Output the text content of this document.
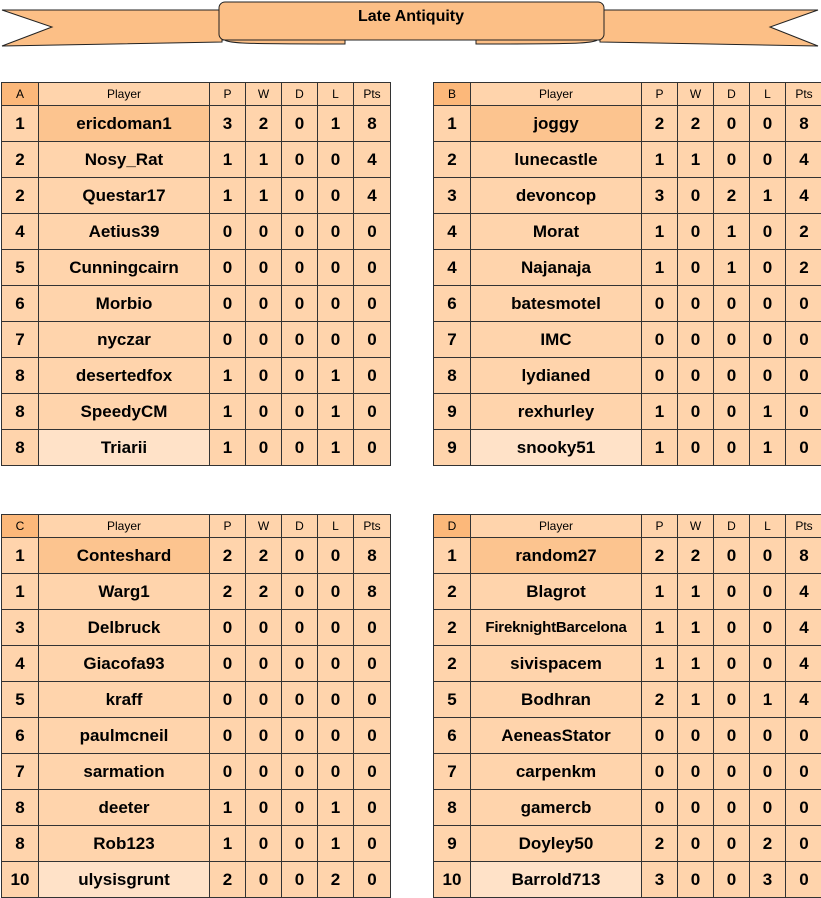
Late Antiquity
A	Player	P	W	D	L	Pts
1	ericdoman1	3	2	0	1	8
2	Nosy_Rat	1	1	0	0	4
2	Questar17	1	1	0	0	4
4	Aetius39	0	0	0	0	0
5	Cunningcairn	0	0	0	0	0
6	Morbio	0	0	0	0	0
7	nyczar	0	0	0	0	0
8	desertedfox	1	0	0	1	0
8	SpeedyCM	1	0	0	1	0
8	Triarii	1	0	0	1	0
B	Player	P	W	D	L	Pts
1	joggy	2	2	0	0	8
2	lunecastle	1	1	0	0	4
3	devoncop	3	0	2	1	4
4	Morat	1	0	1	0	2
4	Najanaja	1	0	1	0	2
6	batesmotel	0	0	0	0	0
7	IMC	0	0	0	0	0
8	lydianed	0	0	0	0	0
9	rexhurley	1	0	0	1	0
9	snooky51	1	0	0	1	0
C	Player	P	W	D	L	Pts
1	Conteshard	2	2	0	0	8
1	Warg1	2	2	0	0	8
3	Delbruck	0	0	0	0	0
4	Giacofa93	0	0	0	0	0
5	kraff	0	0	0	0	0
6	paulmcneil	0	0	0	0	0
7	sarmation	0	0	0	0	0
8	deeter	1	0	0	1	0
8	Rob123	1	0	0	1	0
10	ulysisgrunt	2	0	0	2	0
D	Player	P	W	D	L	Pts
1	random27	2	2	0	0	8
2	Blagrot	1	1	0	0	4
2	FireknightBarcelona	1	1	0	0	4
2	sivispacem	1	1	0	0	4
5	Bodhran	2	1	0	1	4
6	AeneasStator	0	0	0	0	0
7	carpenkm	0	0	0	0	0
8	gamercb	0	0	0	0	0
9	Doyley50	2	0	0	2	0
10	Barrold713	3	0	0	3	0
